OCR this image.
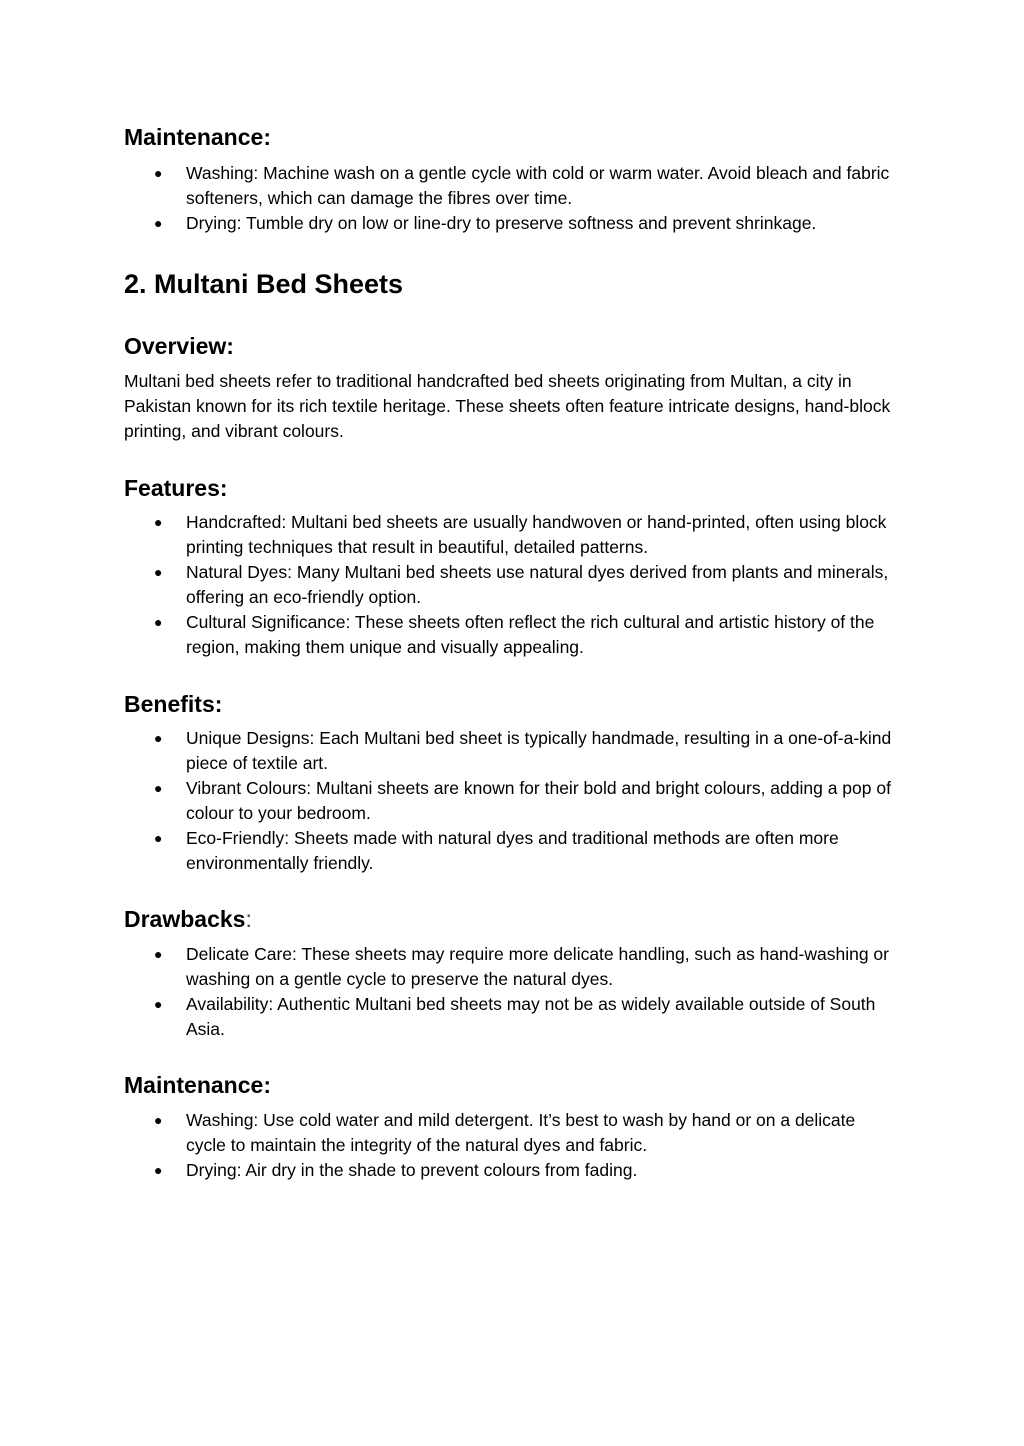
Maintenance:
● Washing: Machine wash on a gentle cycle with cold or warm water. Avoid bleach and fabric softeners, which can damage the fibres over time.
● Drying: Tumble dry on low or line-dry to preserve softness and prevent shrinkage.
2. Multani Bed Sheets
Overview:

Multani bed sheets refer to traditional handcrafted bed sheets originating from Multan, a city in Pakistan known for its rich textile heritage. These sheets often feature intricate designs, hand-block printing, and vibrant colours.

Features:
● Handcrafted: Multani bed sheets are usually handwoven or hand-printed, often using block printing techniques that result in beautiful, detailed patterns.
● Natural Dyes: Many Multani bed sheets use natural dyes derived from plants and minerals, offering an eco-friendly option.
● Cultural Significance: These sheets often reflect the rich cultural and artistic history of the region, making them unique and visually appealing.
Benefits:
● Unique Designs: Each Multani bed sheet is typically handmade, resulting in a one-of-a-kind piece of textile art.
● Vibrant Colours: Multani sheets are known for their bold and bright colours, adding a pop of colour to your bedroom.
● Eco-Friendly: Sheets made with natural dyes and traditional methods are often more environmentally friendly.
Drawbacks:
● Delicate Care: These sheets may require more delicate handling, such as hand-washing or washing on a gentle cycle to preserve the natural dyes.
● Availability: Authentic Multani bed sheets may not be as widely available outside of South Asia.
Maintenance:
● Washing: Use cold water and mild detergent. It’s best to wash by hand or on a delicate cycle to maintain the integrity of the natural dyes and fabric.
● Drying: Air dry in the shade to prevent colours from fading.
